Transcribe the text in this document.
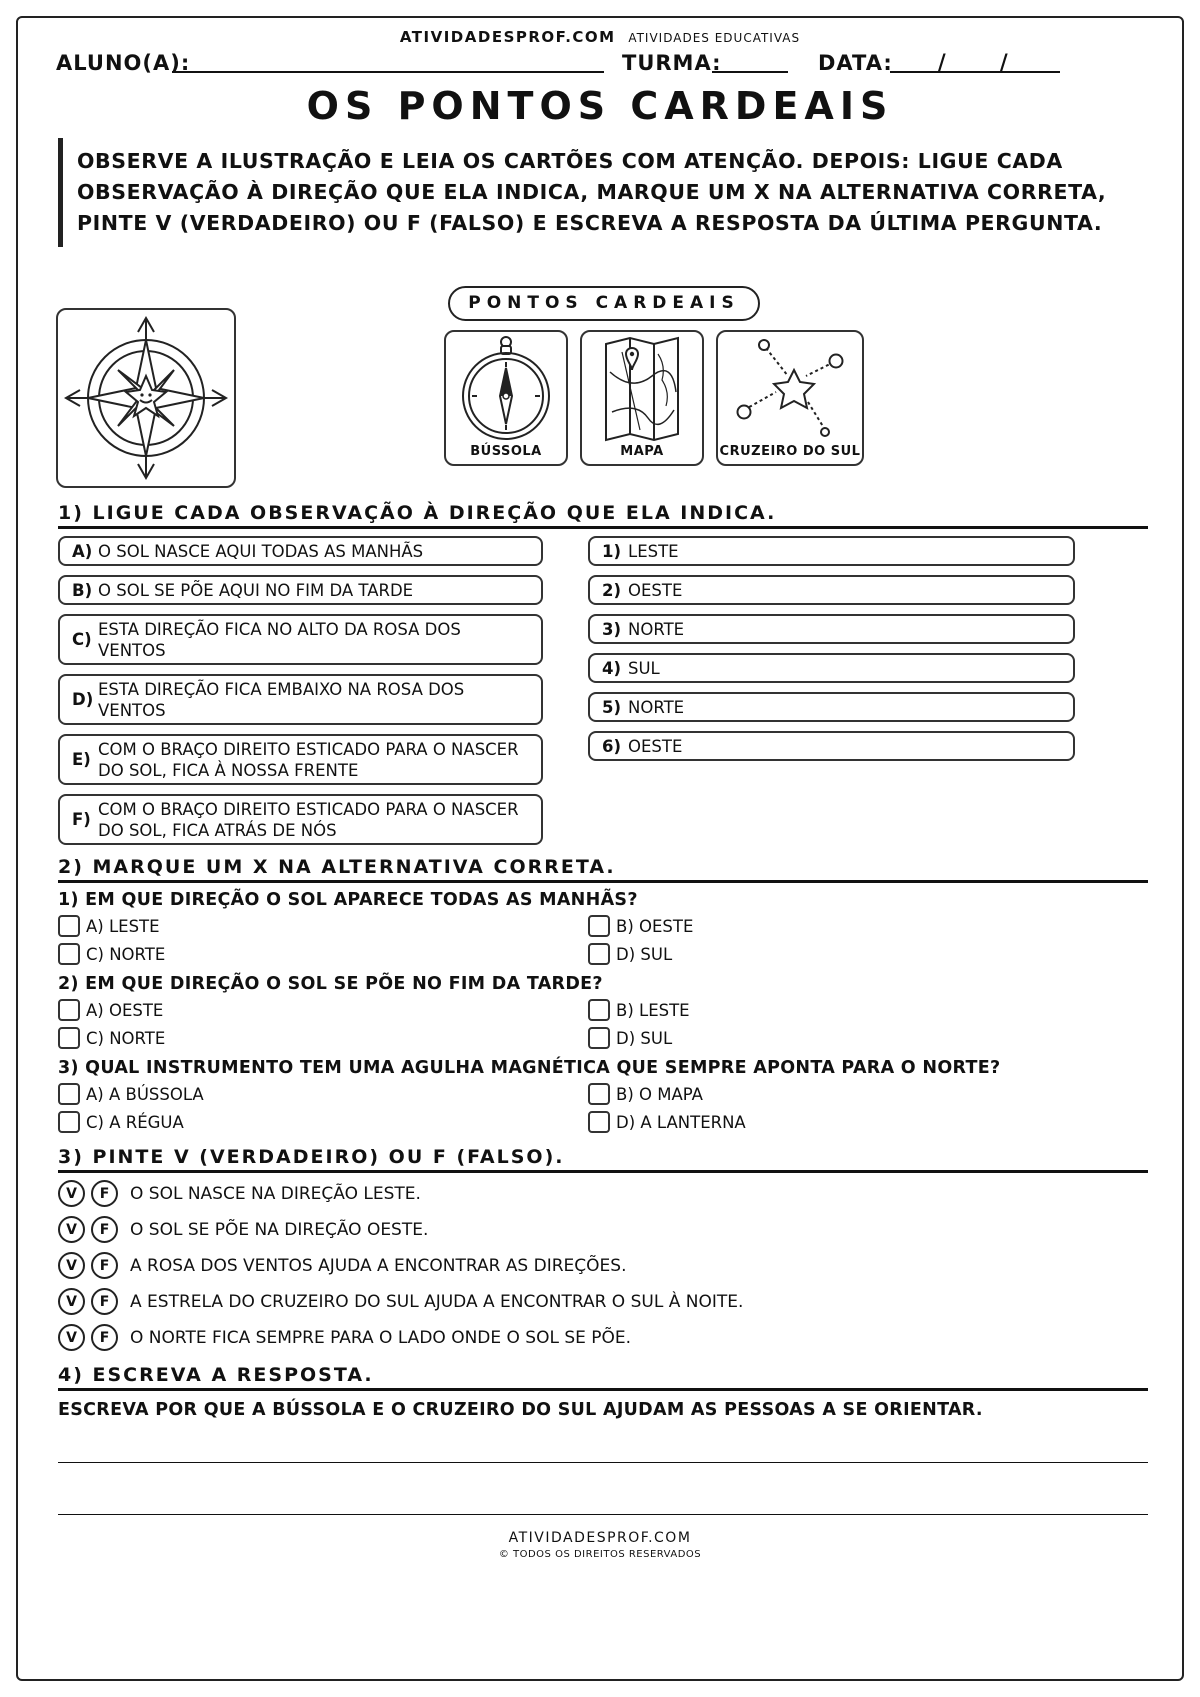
ATIVIDADESPROF.COM ATIVIDADES EDUCATIVAS
ALUNO(A):	TURMA:	DATA: /	/
OS PONTOS CARDEAIS
OBSERVE A ILUSTRAÇÃO E LEIA OS CARTÕES COM ATENÇÃO. DEPOIS: LIGUE CADA OBSERVAÇÃO À DIREÇÃO QUE ELA INDICA, MARQUE UM X NA ALTERNATIVA CORRETA, PINTE V (VERDADEIRO) OU F (FALSO) E ESCREVA A RESPOSTA DA ÚLTIMA PERGUNTA.
PONTOS CARDEAIS
BÚSSOLA	MAPA	CRUZEIRO DO SUL
1) LIGUE CADA OBSERVAÇÃO À DIREÇÃO QUE ELA INDICA.
A) O SOL NASCE AQUI TODAS AS MANHÃS
B) O SOL SE PÕE AQUI NO FIM DA TARDE
C)
ESTA DIREÇÃO FICA NO ALTO DA ROSA DOS VENTOS
D)
ESTA DIREÇÃO FICA EMBAIXO NA ROSA DOS VENTOS
E)
COM O BRAÇO DIREITO ESTICADO PARA O NASCER DO SOL, FICA À NOSSA FRENTE
F)
COM O BRAÇO DIREITO ESTICADO PARA O NASCER DO SOL, FICA ATRÁS DE NÓS
1) LESTE
2) OESTE
3) NORTE
4) SUL
5) NORTE
6) OESTE
2) MARQUE UM X NA ALTERNATIVA CORRETA.
1) EM QUE DIREÇÃO O SOL APARECE TODAS AS MANHÃS?
A) LESTE	B) OESTE
C) NORTE	D) SUL
2) EM QUE DIREÇÃO O SOL SE PÕE NO FIM DA TARDE?
A) OESTE	B) LESTE
C) NORTE	D) SUL
3) QUAL INSTRUMENTO TEM UMA AGULHA MAGNÉTICA QUE SEMPRE APONTA PARA O NORTE?
A) A BÚSSOLA	B) O MAPA
C) A RÉGUA	D) A LANTERNA
3) PINTE V (VERDADEIRO) OU F (FALSO).
V	F	O SOL NASCE NA DIREÇÃO LESTE.
V	F	O SOL SE PÕE NA DIREÇÃO OESTE.
V	F	A ROSA DOS VENTOS AJUDA A ENCONTRAR AS DIREÇÕES.
V	F	A ESTRELA DO CRUZEIRO DO SUL AJUDA A ENCONTRAR O SUL À NOITE.
V	F	O NORTE FICA SEMPRE PARA O LADO ONDE O SOL SE PÕE.
4) ESCREVA A RESPOSTA.
ESCREVA POR QUE A BÚSSOLA E O CRUZEIRO DO SUL AJUDAM AS PESSOAS A SE ORIENTAR.
ATIVIDADESPROF.COM
© TODOS OS DIREITOS RESERVADOS
